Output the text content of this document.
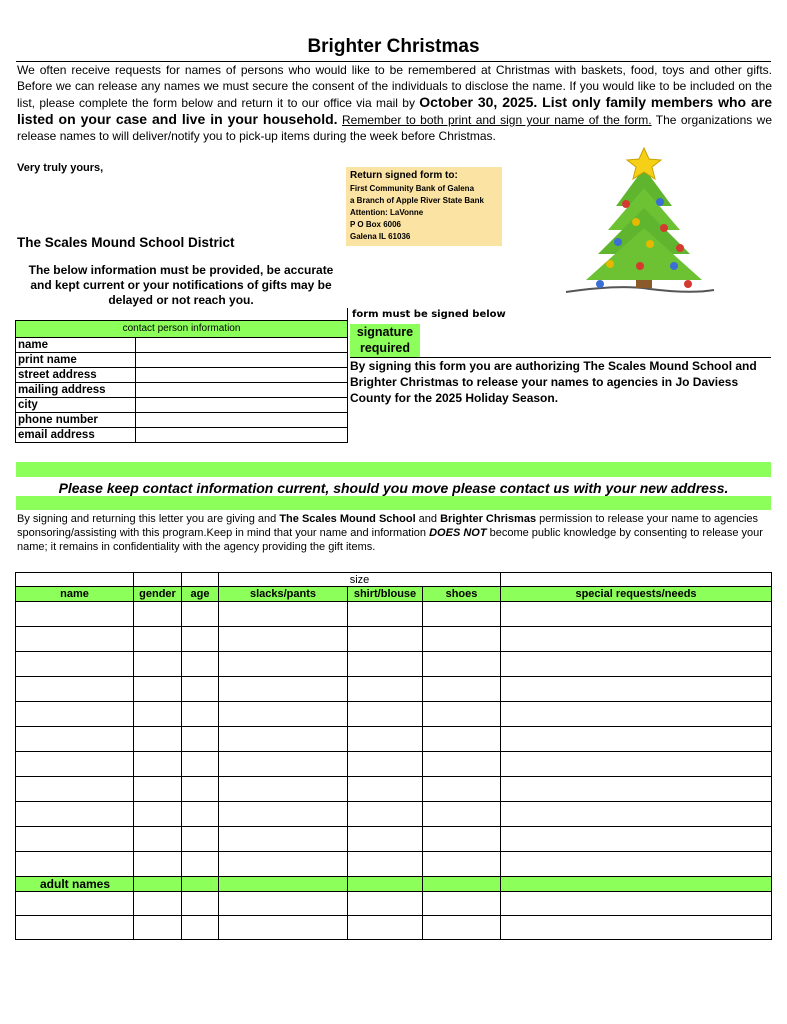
Brighter Christmas
We often receive requests for names of persons who would like to be remembered at Christmas with baskets, food, toys and other gifts. Before we can release any names we must secure the consent of the individuals to disclose the name. If you would like to be included on the list, please complete the form below and return it to our office via mail by October 30, 2025. List only family members who are listed on your case and live in your household. Remember to both print and sign your name of the form. The organizations we release names to will deliver/notify you to pick-up items during the week before Christmas.
Very truly yours,
The Scales Mound School District
The below information must be provided, be accurate and kept current or your notifications of gifts may be delayed or not reach you.
Return signed form to:
First Community Bank of Galena
a Branch of Apple River State Bank
Attention: LaVonne
P O Box 6006
Galena IL 61036
form must be signed below
signature
required
By signing this form you are authorizing The Scales Mound School and Brighter Christmas to release your names to agencies in Jo Daviess County for the 2025 Holiday Season.

contact person information	
name	
print name	
street address	
mailing address	
city	
phone number	
email address	
Please keep contact information current, should you move please contact us with your new address.
By signing and returning this letter you are giving and The Scales Mound School and Brighter Chrismas permission to release your name to agencies sponsoring/assisting with this program.Keep in mind that your name and information DOES NOT become public knowledge by consenting to release your name; it remains in confidentiality with the agency providing the gift items.
			size			
name	gender	age	slacks/pants	shirt/blouse	shoes	special requests/needs

adult names						
